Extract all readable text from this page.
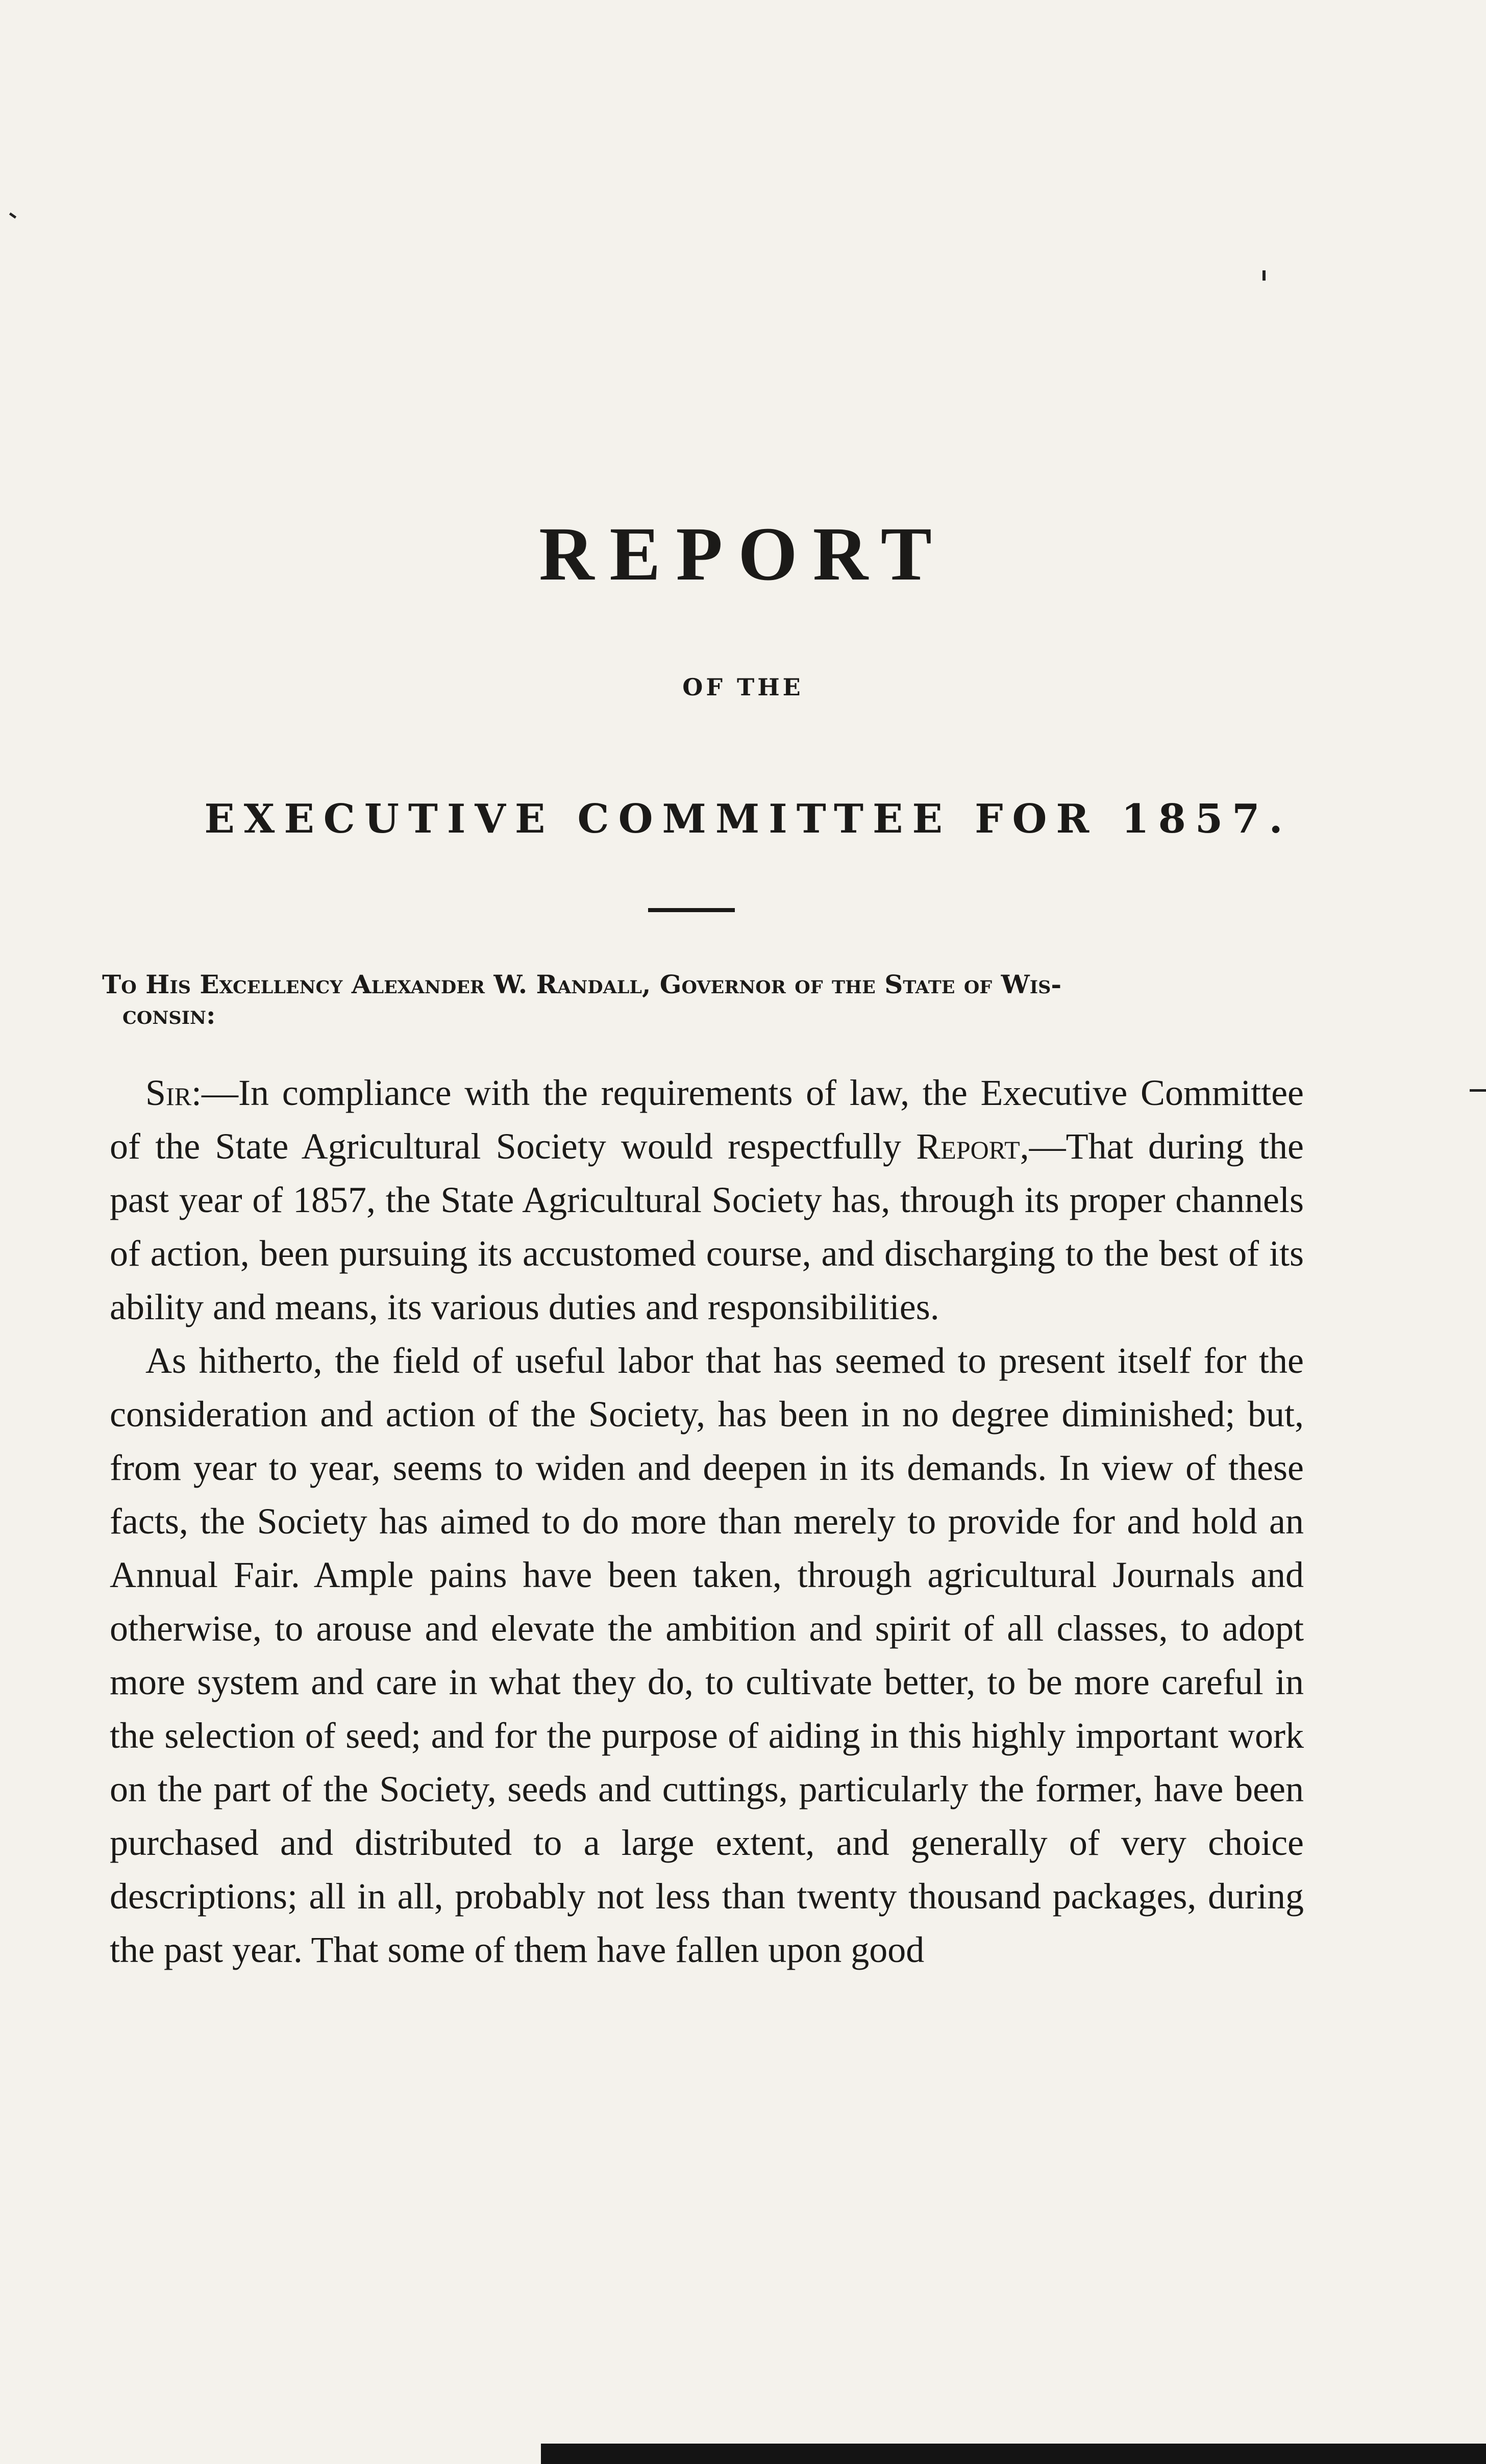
REPORT
OF THE
EXECUTIVE COMMITTEE FOR 1857.
To His Excellency Alexander W. Randall, Governor of the State of Wis-
consin:

Sir:—In compliance with the requirements of law, the Executive Committee of the State Agricultural Society would respectfully Report,—That during the past year of 1857, the State Agricultural Society has, through its proper channels of action, been pursuing its accustomed course, and discharging to the best of its ability and means, its various duties and responsibilities.

As hitherto, the field of useful labor that has seemed to present itself for the consideration and action of the Society, has been in no degree diminished; but, from year to year, seems to widen and deepen in its demands. In view of these facts, the Society has aimed to do more than merely to provide for and hold an Annual Fair. Ample pains have been taken, through agricultural Journals and otherwise, to arouse and elevate the ambition and spirit of all classes, to adopt more system and care in what they do, to cultivate better, to be more careful in the selection of seed; and for the purpose of aiding in this highly important work on the part of the Society, seeds and cuttings, particularly the former, have been purchased and distributed to a large extent, and generally of very choice descriptions; all in all, probably not less than twenty thousand packages, during the past year. That some of them have fallen upon good
